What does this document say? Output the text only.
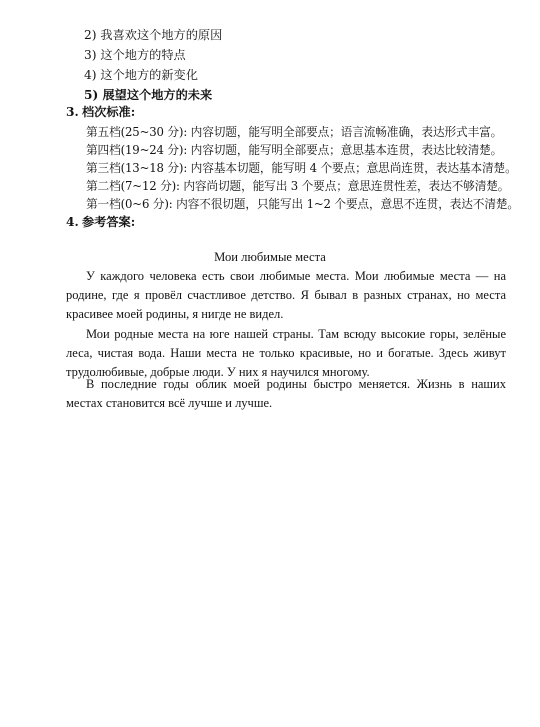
2) 我喜欢这个地方的原因
3) 这个地方的特点
4) 这个地方的新变化
5) 展望这个地方的未来
3. 档次标准:
第五档(25~30 分): 内容切题，能写明全部要点；语言流畅准确，表达形式丰富。
第四档(19~24 分): 内容切题，能写明全部要点；意思基本连贯，表达比较清楚。
第三档(13~18 分): 内容基本切题，能写明 4 个要点；意思尚连贯，表达基本清楚。
第二档(7~12 分): 内容尚切题，能写出 3 个要点；意思连贯性差，表达不够清楚。
第一档(0~6 分): 内容不很切题，只能写出 1~2 个要点，意思不连贯，表达不清楚。
4. 参考答案:
Мои любимые места

У каждого человека есть свои любимые места. Мои любимые места — на родине, где я провёл счастливое детство. Я бывал в разных странах, но места красивее моей родины, я нигде не видел.

Мои родные места на юге нашей страны. Там всюду высокие горы, зелёные леса, чистая вода. Наши места не только красивые, но и богатые. Здесь живут трудолюбивые, добрые люди. У них я научился многому.

В последние годы облик моей родины быстро меняется. Жизнь в наших местах становится всё лучше и лучше.
